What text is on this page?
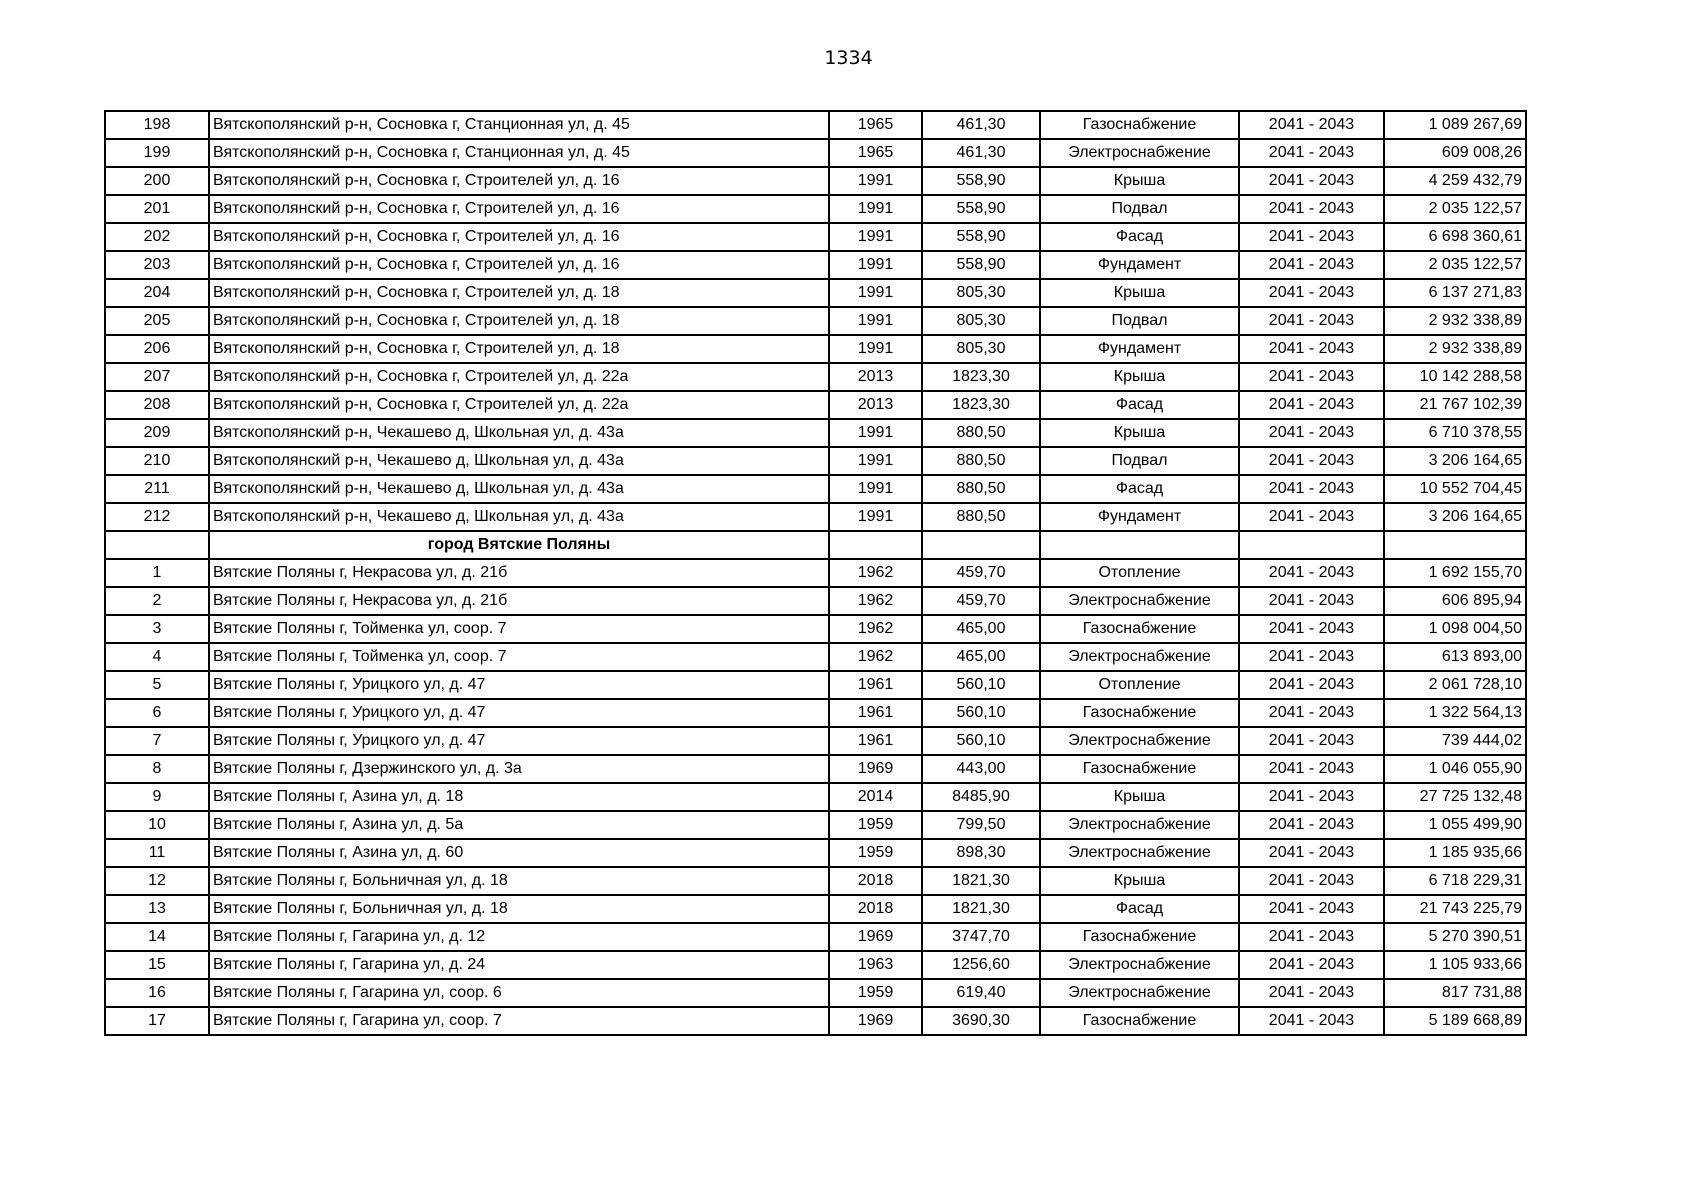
1334
198	Вятскополянский р-н, Сосновка г, Станционная ул, д. 45	1965	461,30	Газоснабжение	2041 - 2043	1 089 267,69
199	Вятскополянский р-н, Сосновка г, Станционная ул, д. 45	1965	461,30	Электроснабжение	2041 - 2043	609 008,26
200	Вятскополянский р-н, Сосновка г, Строителей ул, д. 16	1991	558,90	Крыша	2041 - 2043	4 259 432,79
201	Вятскополянский р-н, Сосновка г, Строителей ул, д. 16	1991	558,90	Подвал	2041 - 2043	2 035 122,57
202	Вятскополянский р-н, Сосновка г, Строителей ул, д. 16	1991	558,90	Фасад	2041 - 2043	6 698 360,61
203	Вятскополянский р-н, Сосновка г, Строителей ул, д. 16	1991	558,90	Фундамент	2041 - 2043	2 035 122,57
204	Вятскополянский р-н, Сосновка г, Строителей ул, д. 18	1991	805,30	Крыша	2041 - 2043	6 137 271,83
205	Вятскополянский р-н, Сосновка г, Строителей ул, д. 18	1991	805,30	Подвал	2041 - 2043	2 932 338,89
206	Вятскополянский р-н, Сосновка г, Строителей ул, д. 18	1991	805,30	Фундамент	2041 - 2043	2 932 338,89
207	Вятскополянский р-н, Сосновка г, Строителей ул, д. 22а	2013	1823,30	Крыша	2041 - 2043	10 142 288,58
208	Вятскополянский р-н, Сосновка г, Строителей ул, д. 22а	2013	1823,30	Фасад	2041 - 2043	21 767 102,39
209	Вятскополянский р-н, Чекашево д, Школьная ул, д. 43а	1991	880,50	Крыша	2041 - 2043	6 710 378,55
210	Вятскополянский р-н, Чекашево д, Школьная ул, д. 43а	1991	880,50	Подвал	2041 - 2043	3 206 164,65
211	Вятскополянский р-н, Чекашево д, Школьная ул, д. 43а	1991	880,50	Фасад	2041 - 2043	10 552 704,45
212	Вятскополянский р-н, Чекашево д, Школьная ул, д. 43а	1991	880,50	Фундамент	2041 - 2043	3 206 164,65
	город Вятские Поляны					
1	Вятские Поляны г, Некрасова ул, д. 21б	1962	459,70	Отопление	2041 - 2043	1 692 155,70
2	Вятские Поляны г, Некрасова ул, д. 21б	1962	459,70	Электроснабжение	2041 - 2043	606 895,94
3	Вятские Поляны г, Тойменка ул, соор. 7	1962	465,00	Газоснабжение	2041 - 2043	1 098 004,50
4	Вятские Поляны г, Тойменка ул, соор. 7	1962	465,00	Электроснабжение	2041 - 2043	613 893,00
5	Вятские Поляны г, Урицкого ул, д. 47	1961	560,10	Отопление	2041 - 2043	2 061 728,10
6	Вятские Поляны г, Урицкого ул, д. 47	1961	560,10	Газоснабжение	2041 - 2043	1 322 564,13
7	Вятские Поляны г, Урицкого ул, д. 47	1961	560,10	Электроснабжение	2041 - 2043	739 444,02
8	Вятские Поляны г, Дзержинского ул, д. 3а	1969	443,00	Газоснабжение	2041 - 2043	1 046 055,90
9	Вятские Поляны г, Азина ул, д. 18	2014	8485,90	Крыша	2041 - 2043	27 725 132,48
10	Вятские Поляны г, Азина ул, д. 5а	1959	799,50	Электроснабжение	2041 - 2043	1 055 499,90
11	Вятские Поляны г, Азина ул, д. 60	1959	898,30	Электроснабжение	2041 - 2043	1 185 935,66
12	Вятские Поляны г, Больничная ул, д. 18	2018	1821,30	Крыша	2041 - 2043	6 718 229,31
13	Вятские Поляны г, Больничная ул, д. 18	2018	1821,30	Фасад	2041 - 2043	21 743 225,79
14	Вятские Поляны г, Гагарина ул, д. 12	1969	3747,70	Газоснабжение	2041 - 2043	5 270 390,51
15	Вятские Поляны г, Гагарина ул, д. 24	1963	1256,60	Электроснабжение	2041 - 2043	1 105 933,66
16	Вятские Поляны г, Гагарина ул, соор. 6	1959	619,40	Электроснабжение	2041 - 2043	817 731,88
17	Вятские Поляны г, Гагарина ул, соор. 7	1969	3690,30	Газоснабжение	2041 - 2043	5 189 668,89
